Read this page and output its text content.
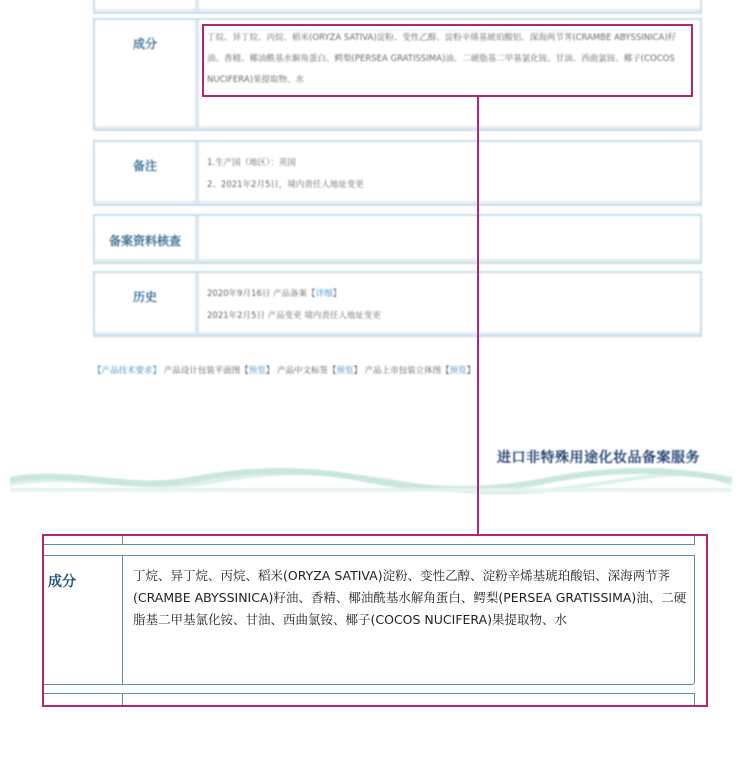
成分	丁烷、异丁烷、丙烷、稻米(ORYZA SATIVA)淀粉、变性乙醇、淀粉辛烯基琥珀酸铝、深海两节荠(CRAMBE ABYSSINICA)籽油、香精、椰油酰基水解角蛋白、鳄梨(PERSEA GRATISSIMA)油、二硬脂基二甲基氯化铵、甘油、西曲氯铵、椰子(COCOS NUCIFERA)果提取物、水
备注	1.生产国（地区）：英国
2、2021年2月5日，境内责任人地址变更
备案资料核查
历史	2020年9月16日 产品备案【详细】
2021年2月5日 产品变更 境内责任人地址变更
【产品技术要求】 产品设计包装平面图【预览】 产品中文标签【预览】 产品上市包装立体图【预览】
进口非特殊用途化妆品备案服务
成分	丁烷、异丁烷、丙烷、稻米(ORYZA SATIVA)淀粉、变性乙醇、淀粉辛烯基琥珀酸铝、深海两节荠(CRAMBE ABYSSINICA)籽油、香精、椰油酰基水解角蛋白、鳄梨(PERSEA GRATISSIMA)油、二硬脂基二甲基氯化铵、甘油、西曲氯铵、椰子(COCOS NUCIFERA)果提取物、水
